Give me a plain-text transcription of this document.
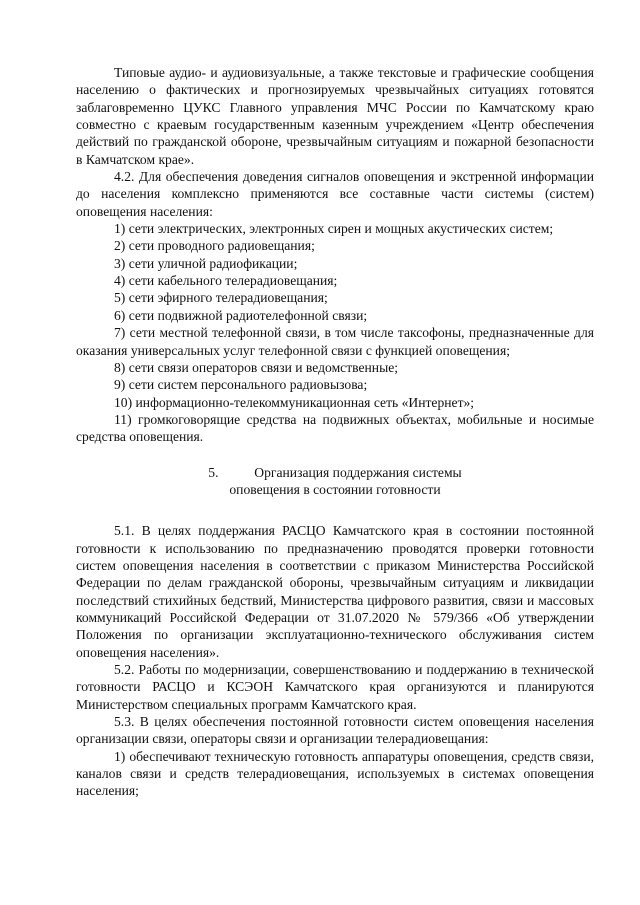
Типовые аудио- и аудиовизуальные, а также текстовые и графические сообщения населению о фактических и прогнозируемых чрезвычайных ситуациях готовятся заблаговременно ЦУКС Главного управления МЧС России по Камчатскому краю совместно с краевым государственным казенным учреждением «Центр обеспечения действий по гражданской обороне, чрезвычайным ситуациям и пожарной безопасности в Камчатском крае».

4.2. Для обеспечения доведения сигналов оповещения и экстренной информации до населения комплексно применяются все составные части системы (систем) оповещения населения:

1) сети электрических, электронных сирен и мощных акустических систем;

2) сети проводного радиовещания;

3) сети уличной радиофикации;

4) сети кабельного телерадиовещания;

5) сети эфирного телерадиовещания;

6) сети подвижной радиотелефонной связи;

7) сети местной телефонной связи, в том числе таксофоны, предназначенные для оказания универсальных услуг телефонной связи с функцией оповещения;

8) сети связи операторов связи и ведомственные;

9) сети систем персонального радиовызова;

10) информационно-телекоммуникационная сеть «Интернет»;

11) громкоговорящие средства на подвижных объектах, мобильные и носимые средства оповещения.

5.	Организация поддержания системы
оповещения в состоянии готовности

5.1. В целях поддержания РАСЦО Камчатского края в состоянии постоянной готовности к использованию по предназначению проводятся проверки готовности систем оповещения населения в соответствии с приказом Министерства Российской Федерации по делам гражданской обороны, чрезвычайным ситуациям и ликвидации последствий стихийных бедствий, Министерства цифрового развития, связи и массовых коммуникаций Российской Федерации от 31.07.2020 № 579/366 «Об утверждении Положения по организации эксплуатационно-технического обслуживания систем оповещения населения».

5.2. Работы по модернизации, совершенствованию и поддержанию в технической готовности РАСЦО и КСЭОН Камчатского края организуются и планируются Министерством специальных программ Камчатского края.

5.3. В целях обеспечения постоянной готовности систем оповещения населения организации связи, операторы связи и организации телерадиовещания:

1) обеспечивают техническую готовность аппаратуры оповещения, средств связи, каналов связи и средств телерадиовещания, используемых в системах оповещения населения;
